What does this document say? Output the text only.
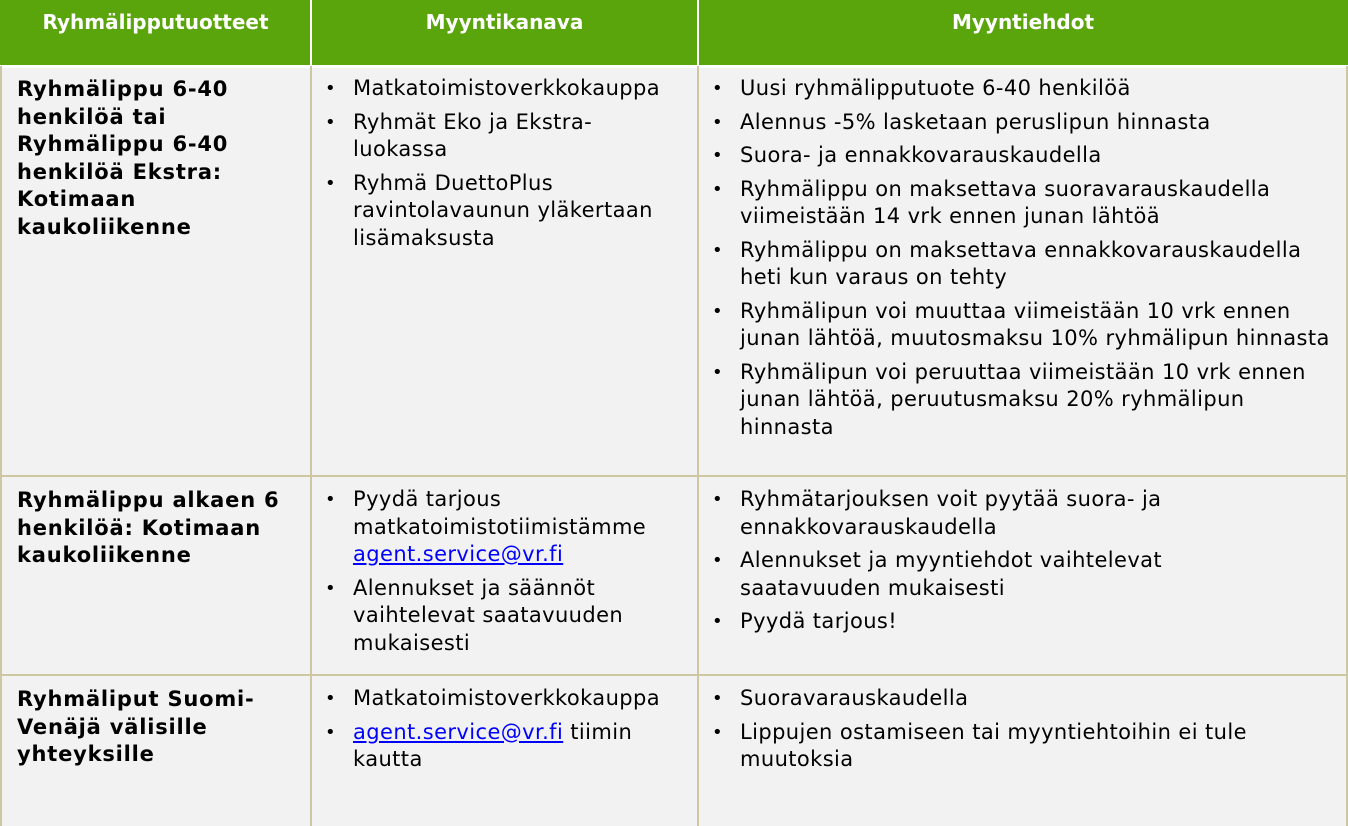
Ryhmälipputuotteet	Myyntikanava	Myyntiehdot
Ryhmälippu 6-40 henkilöä tai Ryhmälippu 6-40 henkilöä Ekstra: Kotimaan kaukoliikenne
• Matkatoimistoverkkokauppa
• Ryhmät Eko ja Ekstra-luokassa
• Ryhmä DuettoPlus ravintolavaunun yläkertaan lisämaksusta
• Uusi ryhmälipputuote 6-40 henkilöä
• Alennus -5% lasketaan peruslipun hinnasta
• Suora- ja ennakkovarauskaudella
• Ryhmälippu on maksettava suoravarauskaudella viimeistään 14 vrk ennen junan lähtöä
• Ryhmälippu on maksettava ennakkovarauskaudella heti kun varaus on tehty
• Ryhmälipun voi muuttaa viimeistään 10 vrk ennen junan lähtöä, muutosmaksu 10% ryhmälipun hinnasta
• Ryhmälipun voi peruuttaa viimeistään 10 vrk ennen junan lähtöä, peruutusmaksu 20% ryhmälipun hinnasta
Ryhmälippu alkaen 6 henkilöä: Kotimaan kaukoliikenne
• Pyydä tarjous matkatoimistotiimistämme
agent.service@vr.fi
• Alennukset ja säännöt vaihtelevat saatavuuden mukaisesti
• Ryhmätarjouksen voit pyytää suora- ja ennakkovarauskaudella
• Alennukset ja myyntiehdot vaihtelevat saatavuuden mukaisesti
• Pyydä tarjous!
Ryhmäliput Suomi-Venäjä välisille yhteyksille
• Matkatoimistoverkkokauppa
• agent.service@vr.fi tiimin kautta
• Suoravarauskaudella
• Lippujen ostamiseen tai myyntiehtoihin ei tule muutoksia
